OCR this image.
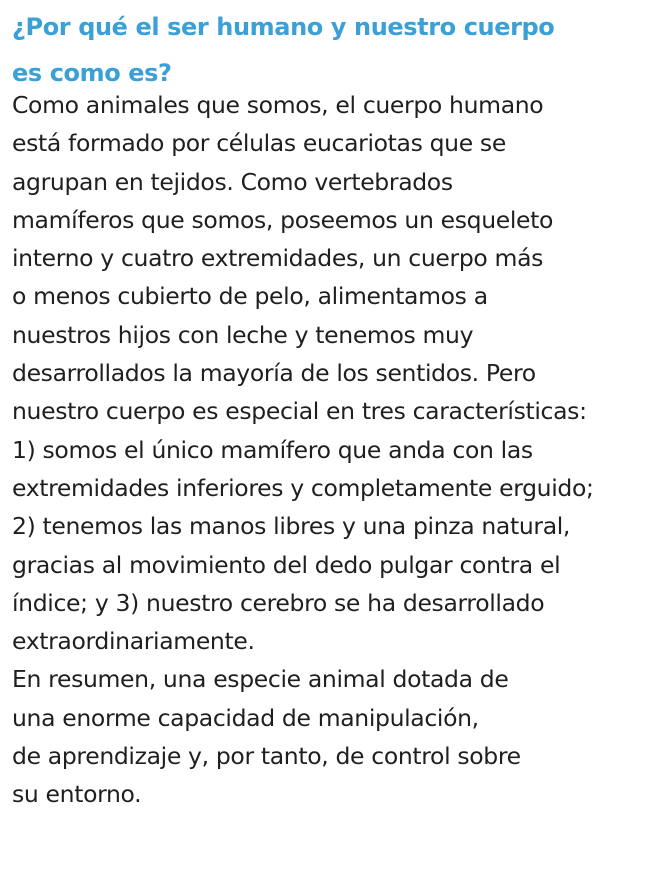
¿Por qué el ser humano y nuestro cuerpo
es como es?
Como animales que somos, el cuerpo humano
está formado por células eucariotas que se
agrupan en tejidos. Como vertebrados
mamíferos que somos, poseemos un esqueleto
interno y cuatro extremidades, un cuerpo más
o menos cubierto de pelo, alimentamos a
nuestros hijos con leche y tenemos muy
desarrollados la mayoría de los sentidos. Pero
nuestro cuerpo es especial en tres características:
1) somos el único mamífero que anda con las
extremidades inferiores y completamente erguido;
2) tenemos las manos libres y una pinza natural,
gracias al movimiento del dedo pulgar contra el
índice; y 3) nuestro cerebro se ha desarrollado
extraordinariamente.
En resumen, una especie animal dotada de
una enorme capacidad de manipulación,
de aprendizaje y, por tanto, de control sobre
su entorno.
